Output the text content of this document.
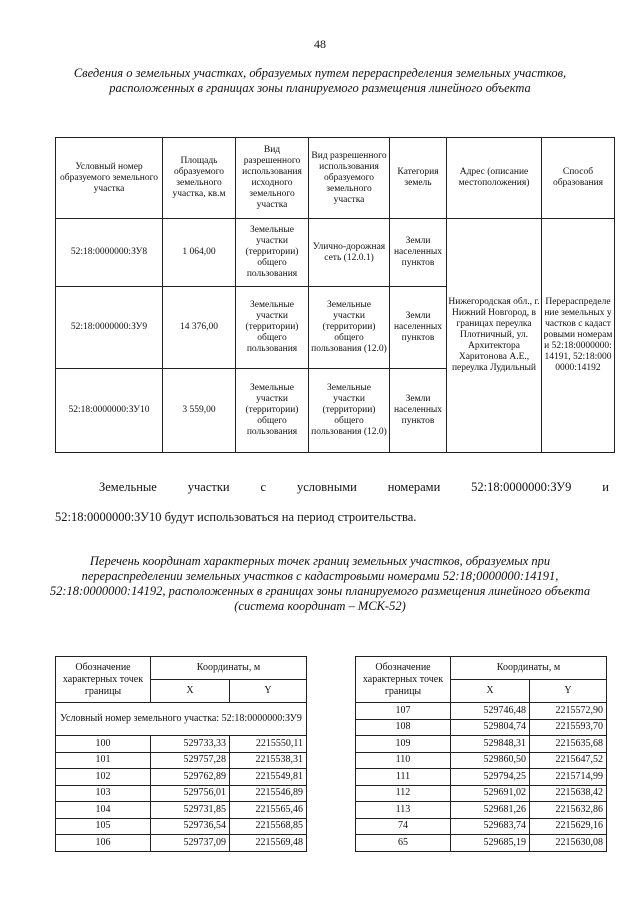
48
Сведения о земельных участках, образуемых путем перераспределения земельных участков, расположенных в границах зоны планируемого размещения линейного объекта
Условный номер образуемого земельного участка	Площадь образуемого земельного участка, кв.м	Вид разрешенного использования исходного земельного участка	Вид разрешенного использования образуемого земельного участка	Категория земель	Адрес (описание местоположения)	Способ образования
52:18:0000000:ЗУ8	1 064,00	Земельные участки (территории) общего пользования	Улично-дорожная сеть (12.0.1)	Земли населенных пунктов	Нижегородская обл., г. Нижний Новгород, в границах переулка Плотничный, ул. Архитектора Харитонова А.Е., переулка Лудильный	Перераспределение земельных участков с кадастровыми номерами 52:18:0000000:14191, 52:18:0000000:14192
52:18:0000000:ЗУ9	14 376,00	Земельные участки (территории) общего пользования	Земельные участки (территории) общего пользования (12.0)	Земли населенных пунктов		
52:18:0000000:ЗУ10	3 559,00	Земельные участки (территории) общего пользования	Земельные участки (территории) общего пользования (12.0)	Земли населенных пунктов		
Земельные участки с условными номерами 52:18:0000000:ЗУ9 и
52:18:0000000:ЗУ10 будут использоваться на период строительства.
Перечень координат характерных точек границ земельных участков, образуемых при перераспределении земельных участков с кадастровыми номерами 52:18;0000000:14191, 52:18:0000000:14192, расположенных в границах зоны планируемого размещения линейного объекта (система координат – МСК-52)
Обозначение характерных точек границы	Координаты, м	
	X	Y
Условный номер земельного участка: 52:18:0000000:ЗУ9		
100	529733,33	2215550,11
101	529757,28	2215538,31
102	529762,89	2215549,81
103	529756,01	2215546,89
104	529731,85	2215565,46
105	529736,54	2215568,85
106	529737,09	2215569,48
Обозначение характерных точек границы	Координаты, м	
	X	Y
107	529746,48	2215572,90
108	529804,74	2215593,70
109	529848,31	2215635,68
110	529860,50	2215647,52
111	529794,25	2215714,99
112	529691,02	2215638,42
113	529681,26	2215632,86
74	529683,74	2215629,16
65	529685,19	2215630,08
